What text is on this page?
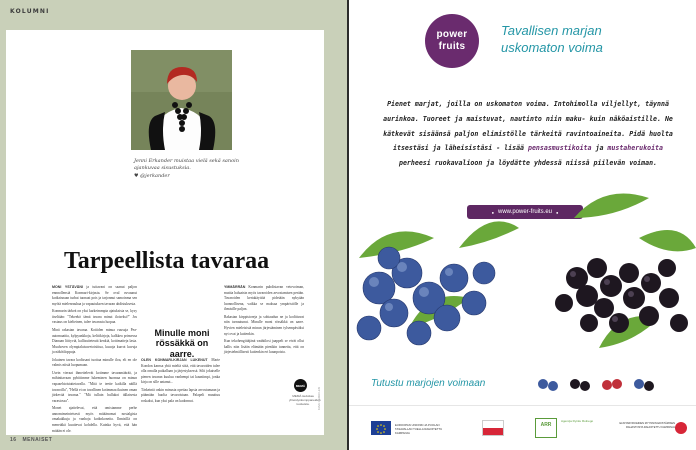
KOLUMNI
Jenni Erkander muistaa vielä sekä sanoin ajankuvaa sisustuksia.
♥ @jerkander
Tarpeellista tavaraa

MONI YSTÄVÄNI ja tuttavani on saanut paljon ennnollensiä Konmari-kirjasta. Se oval ruvaunut kodiaisnaan turhat tuonaat pois ja tarjonnut samoinma sen myötä mielenrauhaa ja vapautuksen tavaran ahdistuksesta.

Konmarin tärkeä on yksi karkeimmpia ajatuksista se, kysy itseltään: "Tekeekö tämä tavara minut iloiseksi?" Jos vastaus on kielteinen, tulee tavarasta luopua.

Minä rakastan tavaraa. Kotiiden minua ruusuja Pea-automaattia, kylpyankkoja, kelttikirjoja, kalkkea prinsessa Dianaan liittyviä, kallisuiteteutä kenkiä, kottimatteja lasia. Muuhoven olympialaisuvetoisittua, kuuoja kurrot kuvuja ja näkötiloppuja.

Jokainen tavara kodissani tuottaa minulle iloa, eli en ole valmis niistä luopumaan.

Usein vieraat ihmettelevät kotimme tavaramäärää, ja mihinttavaan pyhittimme lukeminen huomaa on minun vapaaehtoistattetavalla. "Mitä te teette kaikilla näillä tavaroilla", "Hellä ei on tavallinen kotimmaa ikuinen oman järkevää tavaraa." "Mä tullain hullukoi tällaisesta varastossa".

Monet ajattelevat, että omistamme perhe annomimeinteisesti myös mitäänomat nostalgisia omakakkuja ja vanhoja kodinkoneita. Ihmisillä on menetäkä kuuttevat kohdella. Kuinka hyvä, että hän mitään ei ole.

OLEN KONMARI-KIRJAN LUKENUT Marie Kondon kanssa yhtä mieltä siitä, että tavaroiden tulee olla omalla paikallaan ja järjestyksessä. Silti jokaiselle pienen tavaran kuuluu vanhempi tai kauniimpi, jonka kirja on sille antanut...

Tärkeintä onkin minusta opettaa lapsia arvostamaan ja pitämään huolta tavaroistaan. Palapeli muuttuu roskaksi, kun yksi pala on kadonnut.

Minulle moni rössäkkä on aarre.

YMMÄRRÄN Konmarin puhdistavan vetovoiman, muttta haluaisin myös tavaroiden arvostamisen perään. Tavaroiden kertakäyttöä pidetään nykyään luonnollisena, vaikka se maksaa ympäristölle ja ihmisille paljon.

Rakastan kirppistoreja ja sohtaudun ne ja kodittuvat niin tarrautunut. Minulle moni rössäkkä on aarre. Hyvien mieleisistä minun järjestäminen tylsempäväksi nyt ovat ja kuitenkin.

Kun tekohengittäjänä vaahtilosi jaappelt se eivät ollut kallis niin lisään elämään pienikin tunnetta, että on järjestelmällisesti kuitenkin eri kaunpoista.

MEMÄ
MEMÄ tiedottaa yhteistyökumppaneiden tuotteista.	KUVA: HEIKKI LEIS
16 MENAISET
power
fruits
Tavallisen marjan uskomaton voima
Pienet marjat, joilla on uskomaton voima. Intohimolla viljellyt, täynnä aurinkoa. Tuoreet ja maistuvat, nautinto niin maku- kuin näköaistille. Ne kätkevät sisäänsä paljon elimistölle tärkeitä ravintoaineita. Pidä huolta itsestäsi ja läheisistäsi - lisää pensasmustikoita ja mustaherukoita perheesi ruokavalioon ja löydätte yhdessä niissä piilevän voiman.
● www.power-fruits.eu ●
Tutustu marjojen voimaan
EUROOPAN UNIONIN JA PUOLAN TASAVALLAN TUELLA RAHOITETTU KAMPANJA
ARR
Agencja Rynku Rolnego
ELINTARVIKKEIDEN MYYNNIN EDISTÄMISEN RAHASTOSTA RAHOITETTU KAMPANJA
